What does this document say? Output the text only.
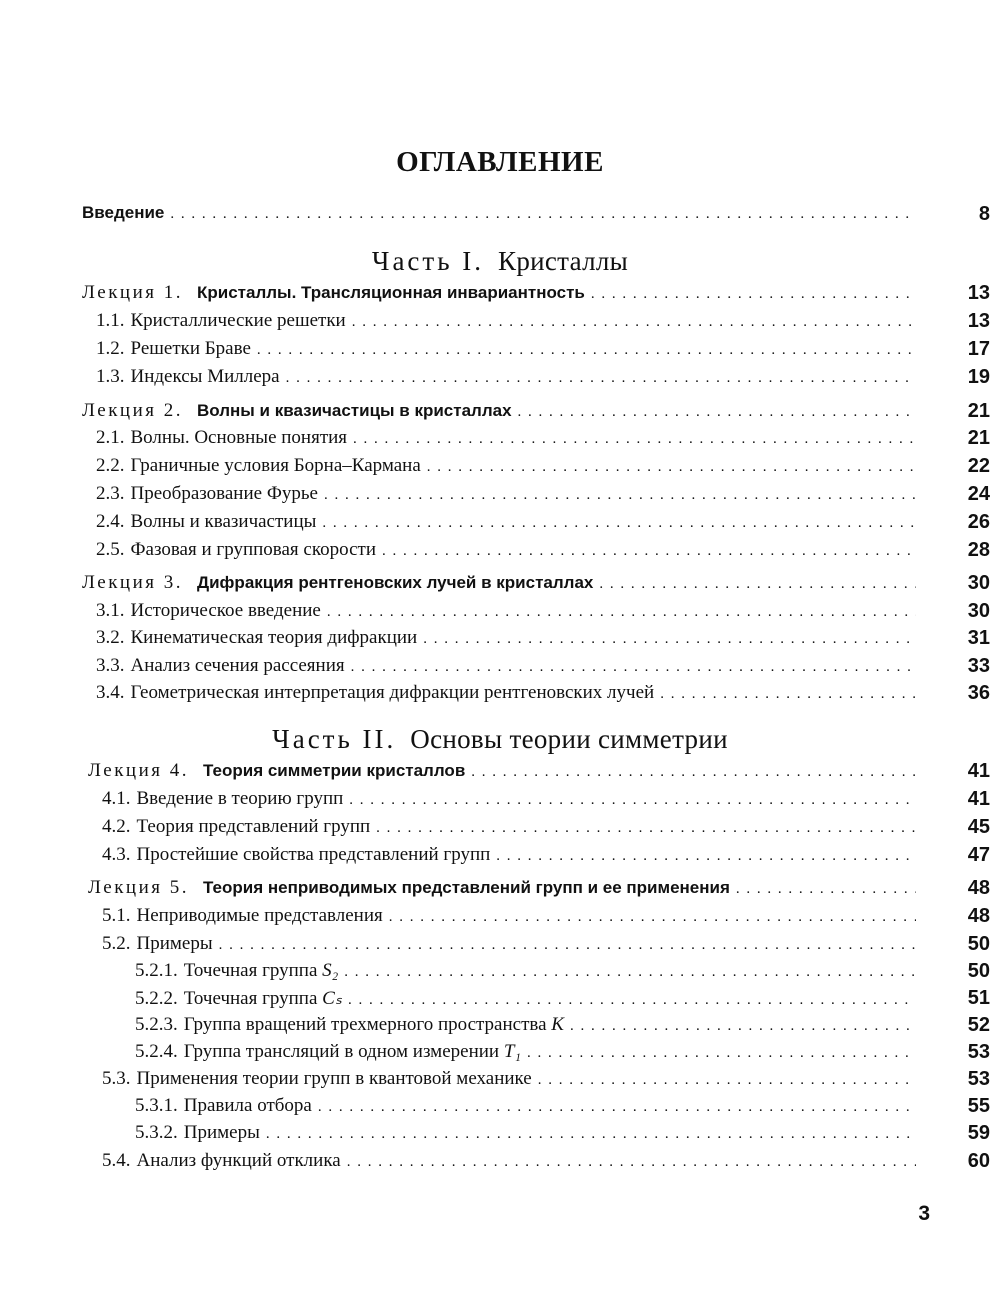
ОГЛАВЛЕНИЕ
Введение . . .	8
Часть I. Кристаллы
Лекция 1. Кристаллы. Трансляционная инвариантность . . .	13
1.1. Кристаллические решетки . . .	13
1.2. Решетки Браве . . .	17
1.3. Индексы Миллера . . .	19
Лекция 2. Волны и квазичастицы в кристаллах . . .	21
2.1. Волны. Основные понятия . . .	21
2.2. Граничные условия Борна–Кармана . . .	22
2.3. Преобразование Фурье . . .	24
2.4. Волны и квазичастицы . . .	26
2.5. Фазовая и групповая скорости . . .	28
Лекция 3. Дифракция рентгеновских лучей в кристаллах . . .	30
3.1. Историческое введение . . .	30
3.2. Кинематическая теория дифракции . . .	31
3.3. Анализ сечения рассеяния . . .	33
3.4. Геометрическая интерпретация дифракции рентгеновских лучей . . .	36
Часть II. Основы теории симметрии
Лекция 4. Теория симметрии кристаллов . . .	41
4.1. Введение в теорию групп . . .	41
4.2. Теория представлений групп . . .	45
4.3. Простейшие свойства представлений групп . . .	47
Лекция 5. Теория неприводимых представлений групп и ее применения . . .	48
5.1. Неприводимые представления . . .	48
5.2. Примеры . . .	50
5.2.1. Точечная группа S₂ . . .	50
5.2.2. Точечная группа Cₛ . . .	51
5.2.3. Группа вращений трехмерного пространства K . . .	52
5.2.4. Группа трансляций в одном измерении T₁ . . .	53
5.3. Применения теории групп в квантовой механике . . .	53
5.3.1. Правила отбора . . .	55
5.3.2. Примеры . . .	59
5.4. Анализ функций отклика . . .	60
3
